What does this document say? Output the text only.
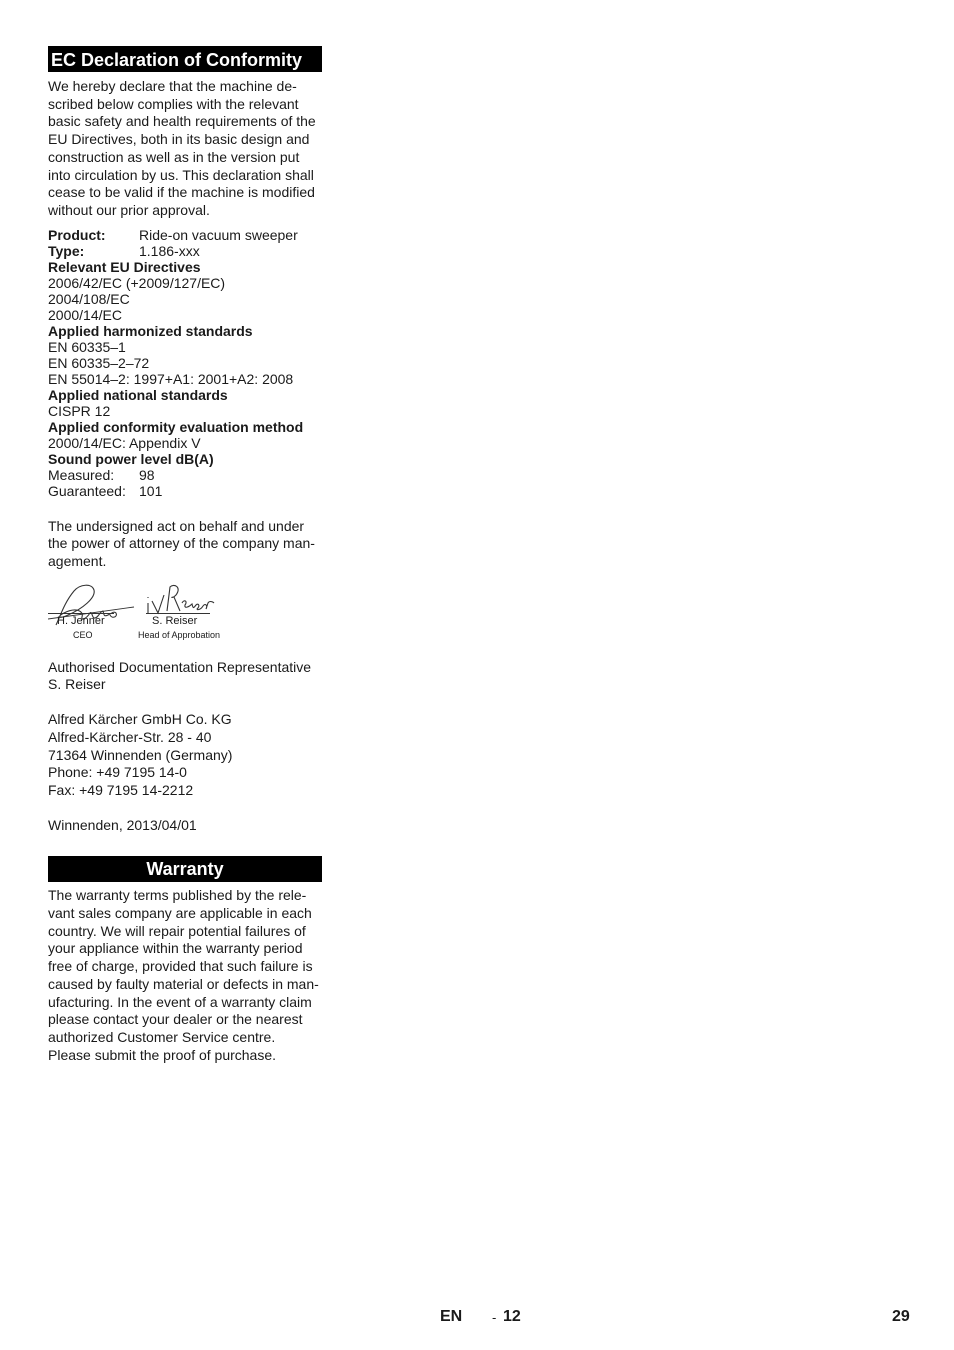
EC Declaration of Conformity
We hereby declare that the machine de-
scribed below complies with the relevant
basic safety and health requirements of the
EU Directives, both in its basic design and
construction as well as in the version put
into circulation by us. This declaration shall
cease to be valid if the machine is modified
without our prior approval.
Product:	Ride-on vacuum sweeper
Type:	1.186-xxx
Relevant EU Directives
2006/42/EC (+2009/127/EC)
2004/108/EC
2000/14/EC
Applied harmonized standards
EN 60335–1
EN 60335–2–72
EN 55014–2: 1997+A1: 2001+A2: 2008
Applied national standards
CISPR 12
Applied conformity evaluation method
2000/14/EC: Appendix V
Sound power level dB(A)
Measured:	98
Guaranteed: 101
The undersigned act on behalf and under
the power of attorney of the company man-
agement.
H. Jenner
CEO
S. Reiser
Head of Approbation
Authorised Documentation Representative
S. Reiser
Alfred Kärcher GmbH Co. KG
Alfred-Kärcher-Str. 28 - 40
71364 Winnenden (Germany)
Phone: +49 7195 14-0
Fax: +49 7195 14-2212
Winnenden, 2013/04/01
Warranty
The warranty terms published by the rele-
vant sales company are applicable in each
country. We will repair potential failures of
your appliance within the warranty period
free of charge, provided that such failure is
caused by faulty material or defects in man-
ufacturing. In the event of a warranty claim
please contact your dealer or the nearest
authorized Customer Service centre.
Please submit the proof of purchase.
EN - 12	29
